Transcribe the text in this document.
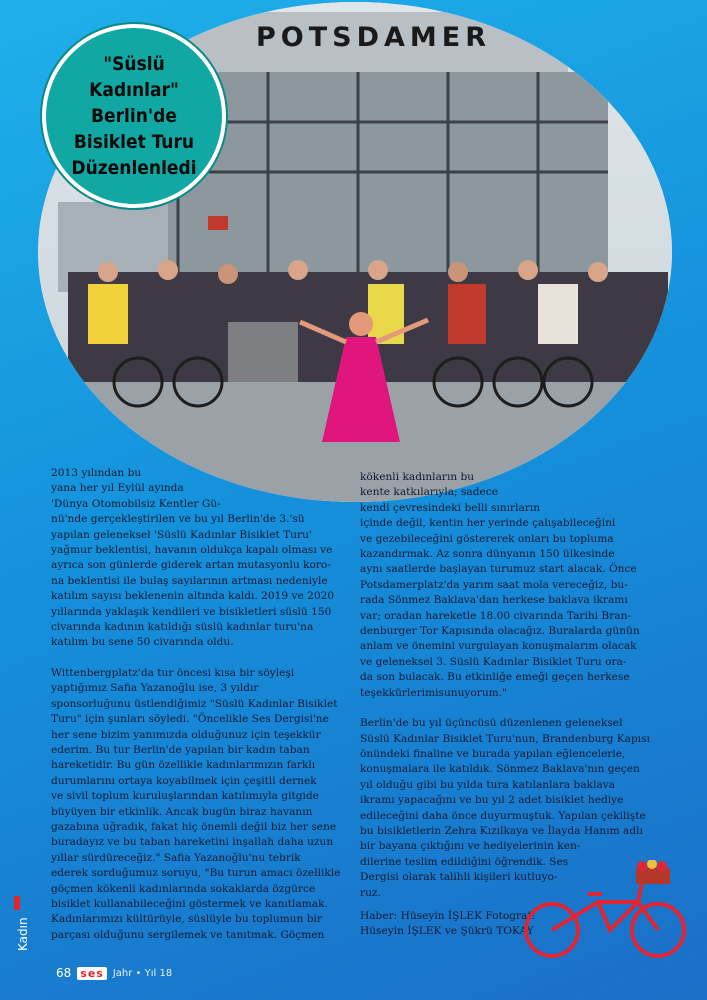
POTSDAMER
"Süslü Kadınlar" Berlin'de Bisiklet Turu Düzenlenledi

2013 yılından bu
yana her yıl Eylül ayında
'Dünya Otomobilsiz Kentler Gü-
nü'nde gerçekleştirilen ve bu yıl Berlin'de 3.'sü
yapılan geleneksel 'Süslü Kadınlar Bisiklet Turu'
yağmur beklentisi, havanın oldukça kapalı olması ve
ayrıca son günlerde giderek artan mutasyonlu koro-
na beklentisi ile bulaş sayılarının artması nedeniyle
katılım sayısı beklenenin altında kaldı. 2019 ve 2020
yıllarında yaklaşık kendileri ve bisikletleri süslü 150
civarında kadının katıldığı süslü kadınlar turu'na
katılım bu sene 50 civarında oldu.

Wittenbergplatz'da tur öncesi kısa bir söyleşi
yaptığımız Safia Yazanoğlu ise, 3 yıldır
sponsorluğunu üstlendiğimiz "Süslü Kadınlar Bisiklet
Turu" için şunları söyledi. "Öncelikle Ses Dergisi'ne
her sene bizim yanımızda olduğunuz için teşekkür
ederim. Bu tur Berlin'de yapılan bir kadın taban
hareketidir. Bu gün özellikle kadınlarımızın farklı
durumlarını ortaya koyabilmek için çeşitli dernek
ve sivil toplum kuruluşlarından katılımıyla gitgide
büyüyen bir etkinlik. Ancak bugün biraz havanın
gazabına uğradık, fakat hiç önemli değil biz her sene
buradayız ve bu taban hareketini inşallah daha uzun
yıllar sürdüreceğiz." Safia Yazanoğlu'nu tebrik
ederek sorduğumuz soruyu, "Bu turun amacı özellikle
göçmen kökenli kadınlarında sokaklarda özgürce
bisiklet kullanabileceğini göstermek ve kanıtlamak.
Kadınlarımızı kültürüyle, süslüyle bu toplumun bir
parçası olduğunu sergilemek ve tanıtmak. Göçmen

kökenli kadınların bu
kente katkılarıyla; sadece
kendi çevresindeki belli sınırların
içinde değil, kentin her yerinde çalışabileceğini
ve gezebileceğini göstererek onları bu topluma
kazandırmak. Az sonra dünyanın 150 ülkesinde
aynı saatlerde başlayan turumuz start alacak. Önce
Potsdamerplatz'da yarım saat mola vereceğiz, bu-
rada Sönmez Baklava'dan herkese baklava ikramı
var; oradan hareketle 18.00 civarında Tarihi Bran-
denburger Tor Kapısında olacağız. Buralarda günün
anlam ve önemini vurgulayan konuşmalarım olacak
ve geleneksel 3. Süslü Kadınlar Bisiklet Turu ora-
da son bulacak. Bu etkinliğe emeği geçen herkese
teşekkürlerimisunuyorum."

Berlin'de bu yıl üçüncüsü düzenlenen geleneksel
Süslü Kadınlar Bisiklet Turu'nun, Brandenburg Kapısı
önündeki finaline ve burada yapılan eğlencelerle,
konuşmalara ile katıldık. Sönmez Baklava'nın geçen
yıl olduğu gibi bu yılda tura katılanlara baklava
ikramı yapacağını ve bu yıl 2 adet bisiklet hediye
edileceğini daha önce duyurmuştuk. Yapılan çekilişte
bu bisikletlerin Zehra Kızılkaya ve İlayda Hanım adlı
bir bayana çıktığını ve hediyelerinin ken-
dilerine teslim edildiğini öğrendik. Ses
Dergisi olarak talihli kişileri kutluyo-
ruz.

Haber: Hüseyin İŞLEK Fotograf:
Hüseyin İŞLEK ve Şükrü TOKAY

Kadın
68 ses Jahr • Yıl 18
